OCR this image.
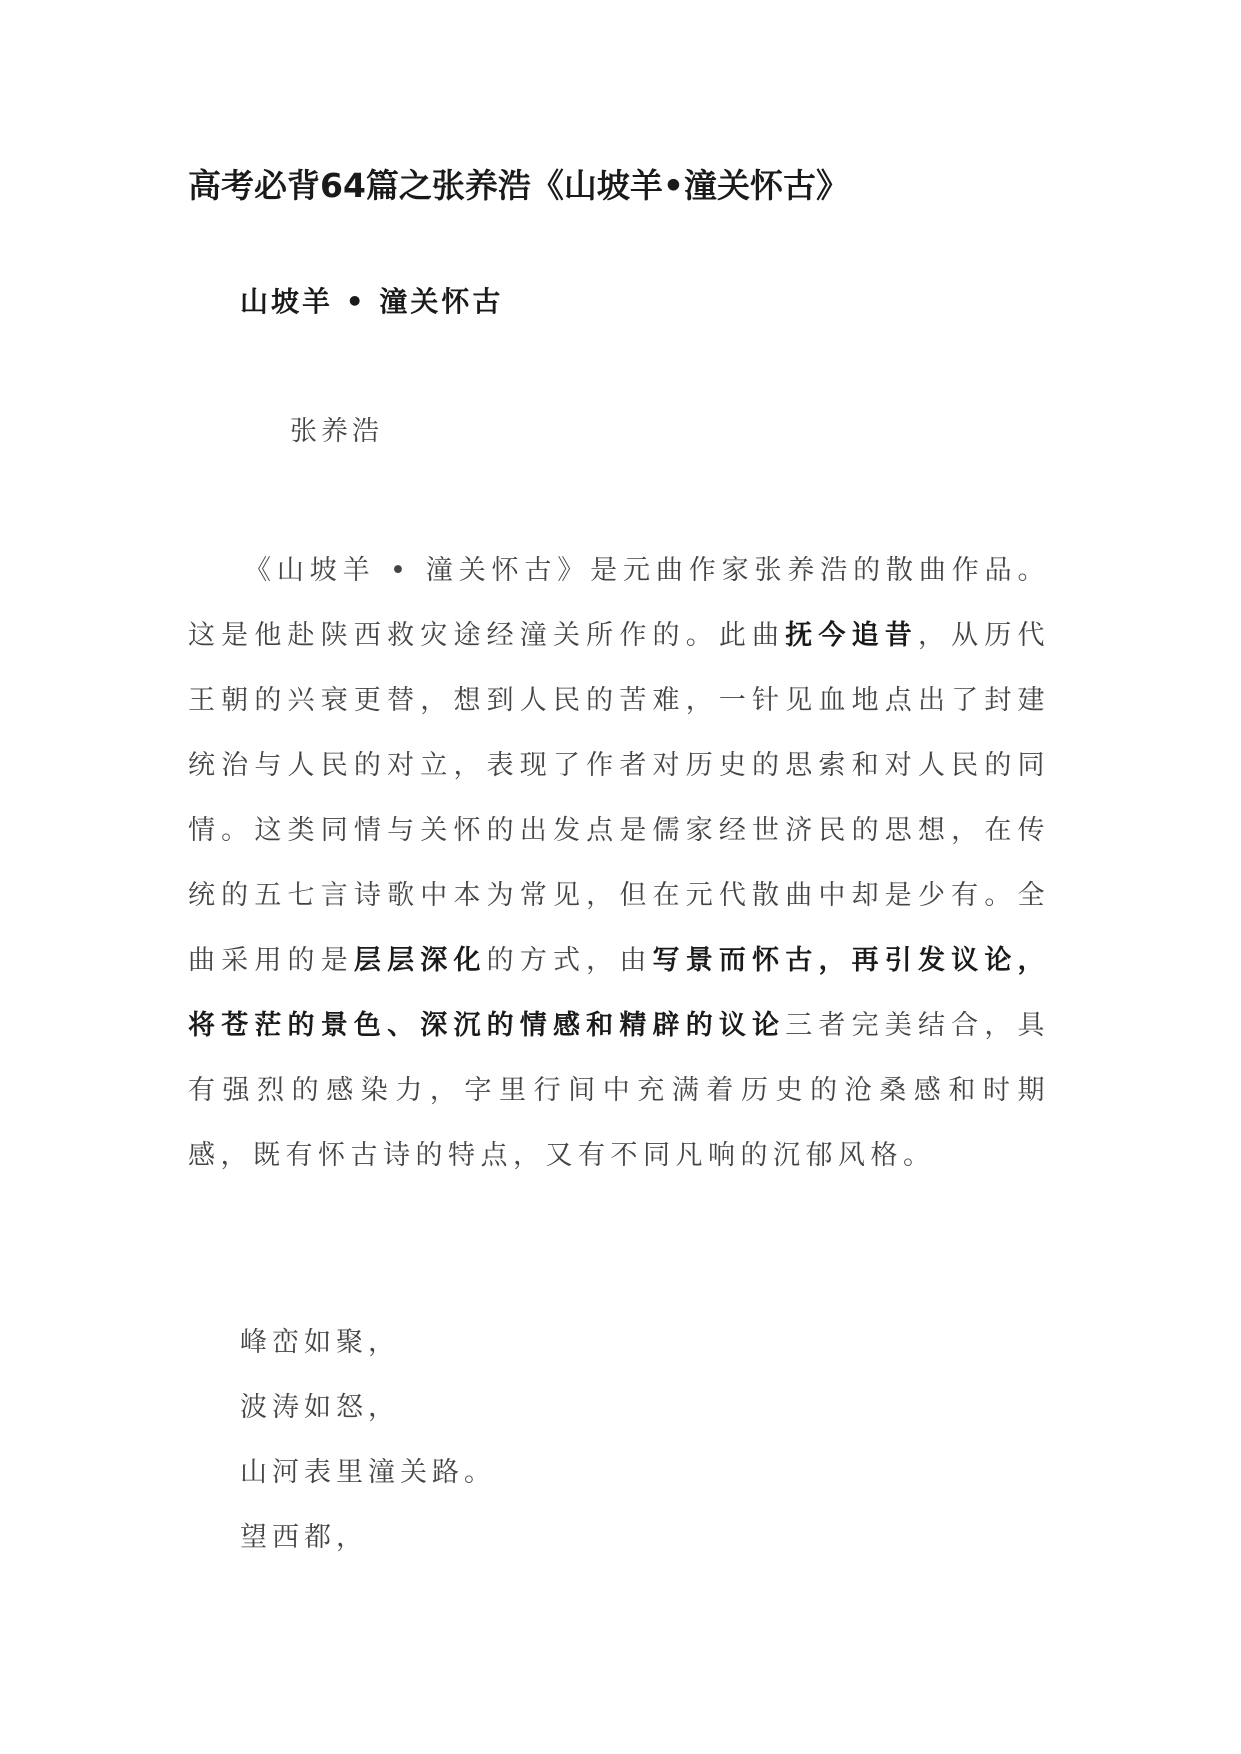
高考必背64篇之张养浩《山坡羊•潼关怀古》
山坡羊 • 潼关怀古
张养浩

《山坡羊 • 潼关怀古》是元曲作家张养浩的散曲作品。这是他赴陕西救灾途经潼关所作的。此曲抚今追昔，从历代王朝的兴衰更替，想到人民的苦难，一针见血地点出了封建统治与人民的对立，表现了作者对历史的思索和对人民的同情。这类同情与关怀的出发点是儒家经世济民的思想，在传统的五七言诗歌中本为常见，但在元代散曲中却是少有。全曲采用的是层层深化的方式，由写景而怀古，再引发议论，将苍茫的景色、深沉的情感和精辟的议论三者完美结合，具有强烈的感染力，字里行间中充满着历史的沧桑感和时期感，既有怀古诗的特点，又有不同凡响的沉郁风格。

峰峦如聚，
波涛如怒，
山河表里潼关路。
望西都，
